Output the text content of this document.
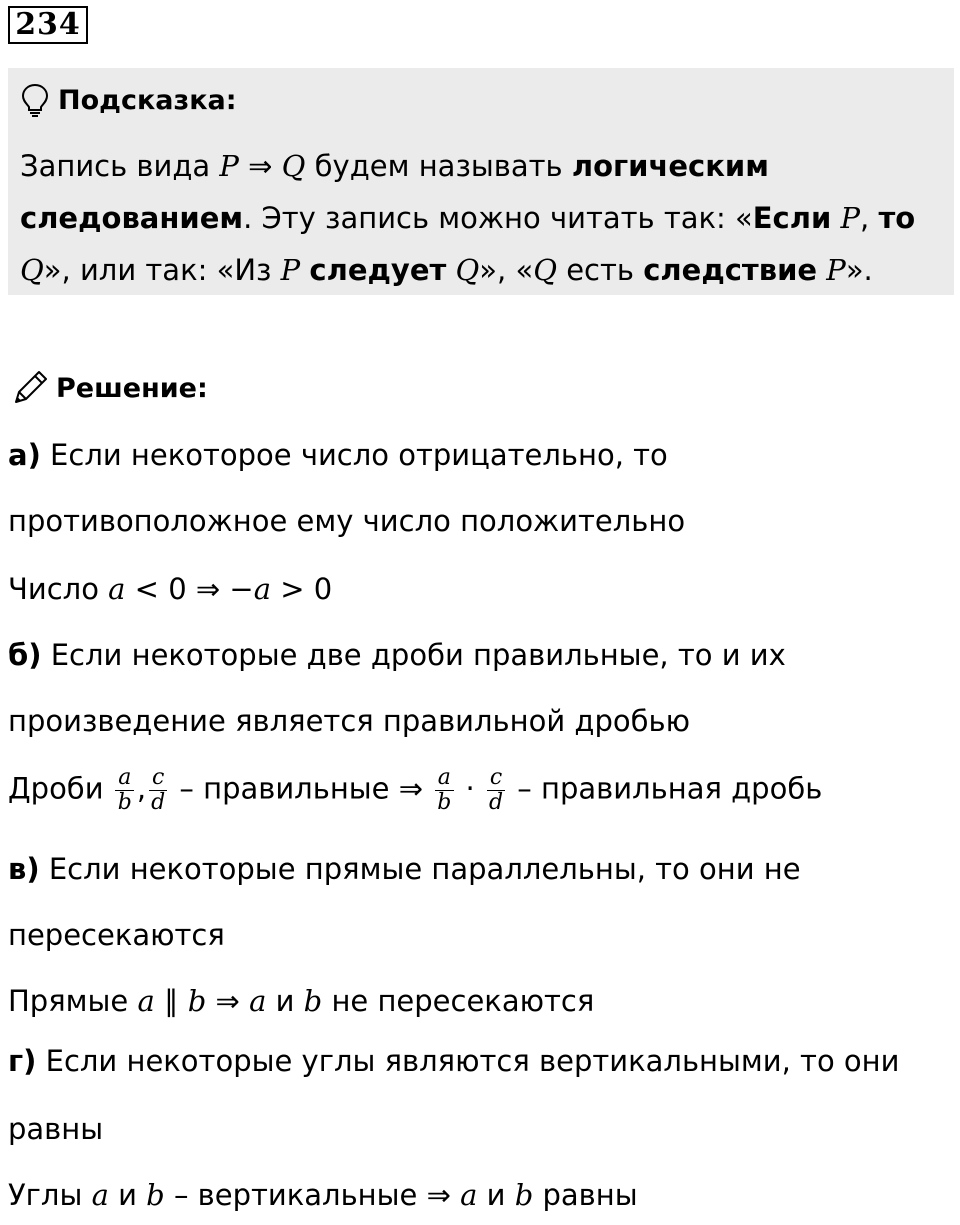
234
Подсказка:
Запись вида P ⇒ Q будем называть логическим
следованием. Эту запись можно читать так: «Если P, то
Q», или так: «Из P следует Q», «Q есть следствие P».
Решение:
а) Если некоторое число отрицательно, то
противоположное ему число положительно
Число a < 0 ⇒ −a > 0
б) Если некоторые две дроби правильные, то и их
произведение является правильной дробью
Дроби $\frac{a}{b}$ , $\frac{c}{d}$ – правильные ⇒ $\frac{a}{b} \cdot \frac{c}{d}$ – правильная дробь
в) Если некоторые прямые параллельны, то они не
пересекаются
Прямые a ∥ b ⇒ a и b не пересекаются
г) Если некоторые углы являются вертикальными, то они
равны
Углы a и b – вертикальные ⇒ a и b равны
